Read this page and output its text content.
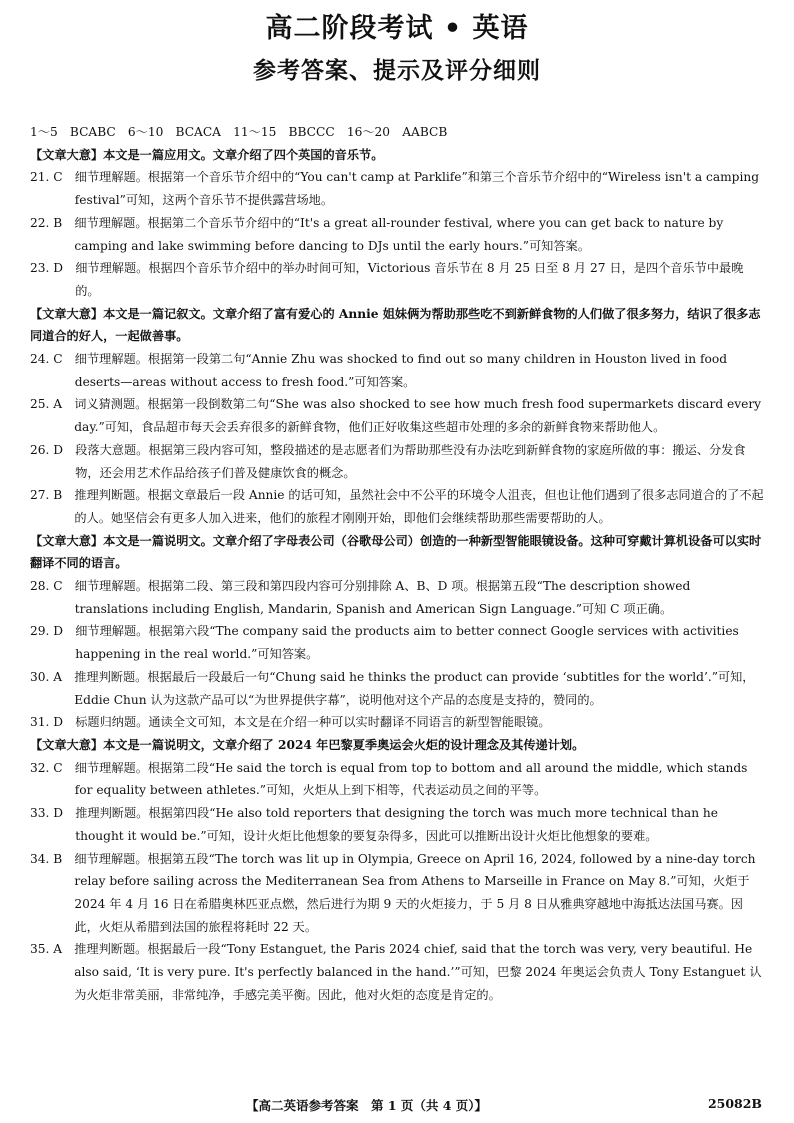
高二阶段考试 • 英语
参考答案、提示及评分细则
1～5　BCABC　6～10　BCACA　11～15　BBCCC　16～20　AABCB
【文章大意】本文是一篇应用文。文章介绍了四个英国的音乐节。
21. C  细节理解题。根据第一个音乐节介绍中的“You can't camp at Parklife”和第三个音乐节介绍中的“Wireless isn't a camping festival”可知，这两个音乐节不提供露营场地。
22. B  细节理解题。根据第二个音乐节介绍中的“It's a great all-rounder festival, where you can get back to nature by camping and lake swimming before dancing to DJs until the early hours.”可知答案。
23. D  细节理解题。根据四个音乐节介绍中的举办时间可知，Victorious 音乐节在 8 月 25 日至 8 月 27 日，是四个音乐节中最晚的。
【文章大意】本文是一篇记叙文。文章介绍了富有爱心的 Annie 姐妹俩为帮助那些吃不到新鲜食物的人们做了很多努力，结识了很多志同道合的好人，一起做善事。
24. C  细节理解题。根据第一段第二句“Annie Zhu was shocked to find out so many children in Houston lived in food deserts—areas without access to fresh food.”可知答案。
25. A  词义猜测题。根据第一段倒数第二句“She was also shocked to see how much fresh food supermarkets discard every day.”可知，食品超市每天会丢弃很多的新鲜食物，他们正好收集这些超市处理的多余的新鲜食物来帮助他人。
26. D  段落大意题。根据第三段内容可知，整段描述的是志愿者们为帮助那些没有办法吃到新鲜食物的家庭所做的事：搬运、分发食物，还会用艺术作品给孩子们普及健康饮食的概念。
27. B  推理判断题。根据文章最后一段 Annie 的话可知，虽然社会中不公平的环境令人沮丧，但也让他们遇到了很多志同道合的了不起的人。她坚信会有更多人加入进来，他们的旅程才刚刚开始，即他们会继续帮助那些需要帮助的人。
【文章大意】本文是一篇说明文。文章介绍了字母表公司（谷歌母公司）创造的一种新型智能眼镜设备。这种可穿戴计算机设备可以实时翻译不同的语言。
28. C  细节理解题。根据第二段、第三段和第四段内容可分别排除 A、B、D 项。根据第五段“The description showed translations including English, Mandarin, Spanish and American Sign Language.”可知 C 项正确。
29. D  细节理解题。根据第六段“The company said the products aim to better connect Google services with activities happening in the real world.”可知答案。
30. A  推理判断题。根据最后一段最后一句“Chung said he thinks the product can provide ‘subtitles for the world’.”可知，Eddie Chun 认为这款产品可以“为世界提供字幕”，说明他对这个产品的态度是支持的，赞同的。
31. D  标题归纳题。通读全文可知，本文是在介绍一种可以实时翻译不同语言的新型智能眼镜。
【文章大意】本文是一篇说明文，文章介绍了 2024 年巴黎夏季奥运会火炬的设计理念及其传递计划。
32. C  细节理解题。根据第二段“He said the torch is equal from top to bottom and all around the middle, which stands for equality between athletes.”可知，火炬从上到下相等，代表运动员之间的平等。
33. D  推理判断题。根据第四段“He also told reporters that designing the torch was much more technical than he thought it would be.”可知，设计火炬比他想象的要复杂得多，因此可以推断出设计火炬比他想象的要难。
34. B  细节理解题。根据第五段“The torch was lit up in Olympia, Greece on April 16, 2024, followed by a nine-day torch relay before sailing across the Mediterranean Sea from Athens to Marseille in France on May 8.”可知，火炬于 2024 年 4 月 16 日在希腊奥林匹亚点燃，然后进行为期 9 天的火炬接力，于 5 月 8 日从雅典穿越地中海抵达法国马赛。因此，火炬从希腊到法国的旅程将耗时 22 天。
35. A  推理判断题。根据最后一段“Tony Estanguet, the Paris 2024 chief, said that the torch was very, very beautiful. He also said, ‘It is very pure. It's perfectly balanced in the hand.’”可知，巴黎 2024 年奥运会负责人 Tony Estanguet 认为火炬非常美丽，非常纯净，手感完美平衡。因此，他对火炬的态度是肯定的。
【高二英语参考答案　第 1 页（共 4 页）】	25082B
